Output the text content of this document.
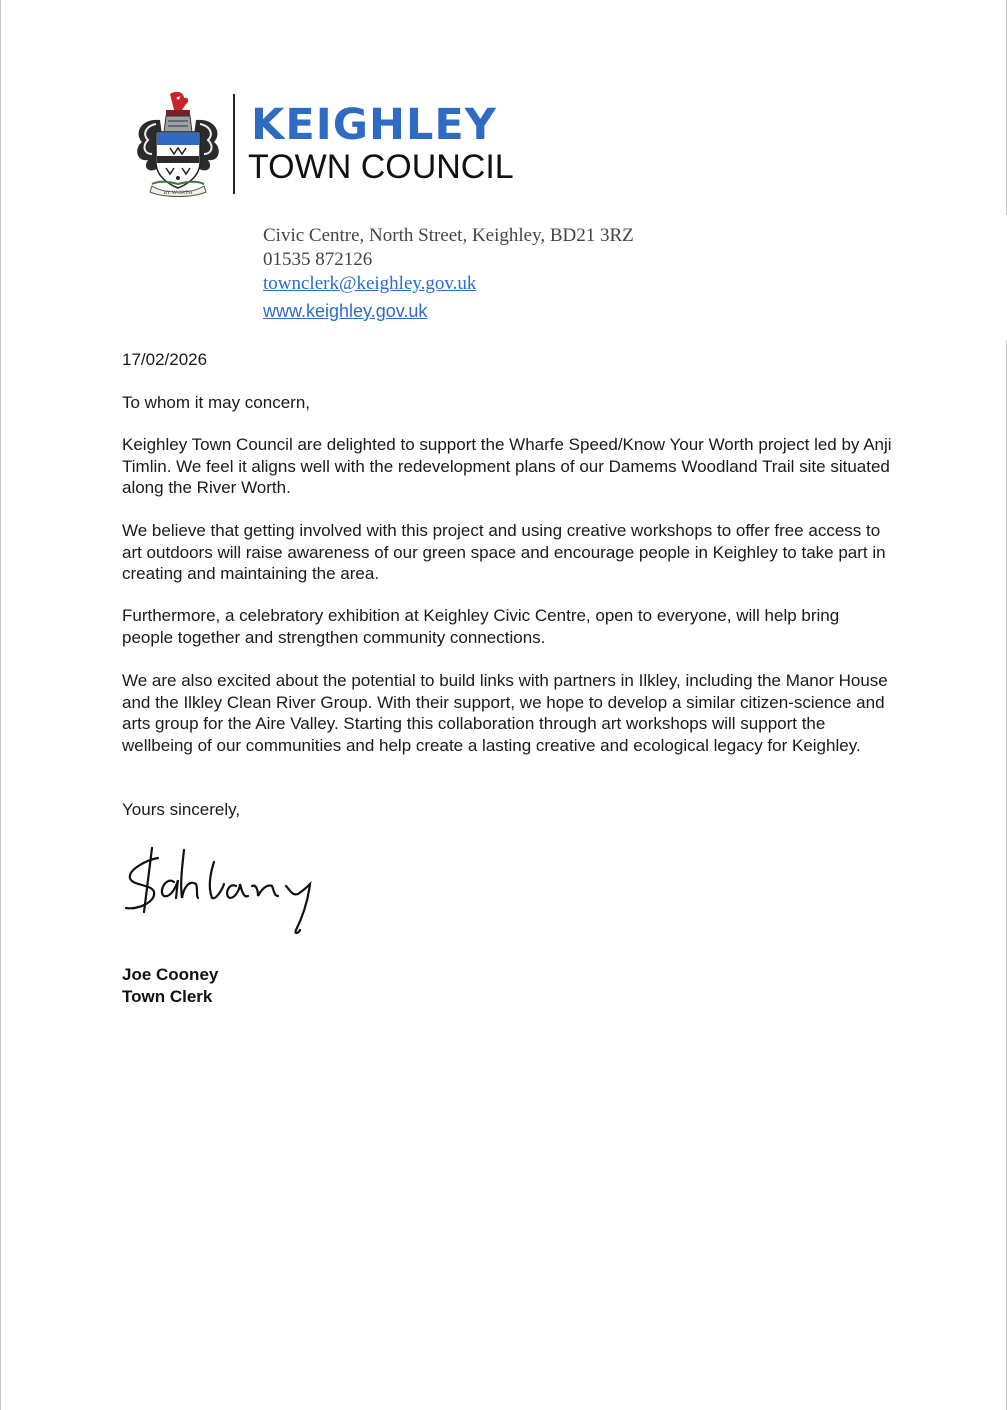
BY WORTH
KEIGHLEY
TOWN COUNCIL
Civic Centre, North Street, Keighley, BD21 3RZ
01535 872126
townclerk@keighley.gov.uk
www.keighley.gov.uk

17/02/2026

To whom it may concern,

Keighley Town Council are delighted to support the Wharfe Speed/Know Your Worth project led by Anji Timlin. We feel it aligns well with the redevelopment plans of our Damems Woodland Trail site situated along the River Worth.

We believe that getting involved with this project and using creative workshops to offer free access to art outdoors will raise awareness of our green space and encourage people in Keighley to take part in creating and maintaining the area.

Furthermore, a celebratory exhibition at Keighley Civic Centre, open to everyone, will help bring people together and strengthen community connections.

We are also excited about the potential to build links with partners in Ilkley, including the Manor House and the Ilkley Clean River Group. With their support, we hope to develop a similar citizen-science and arts group for the Aire Valley. Starting this collaboration through art workshops will support the wellbeing of our communities and help create a lasting creative and ecological legacy for Keighley.

Yours sincerely,

Joe Cooney
Town Clerk
